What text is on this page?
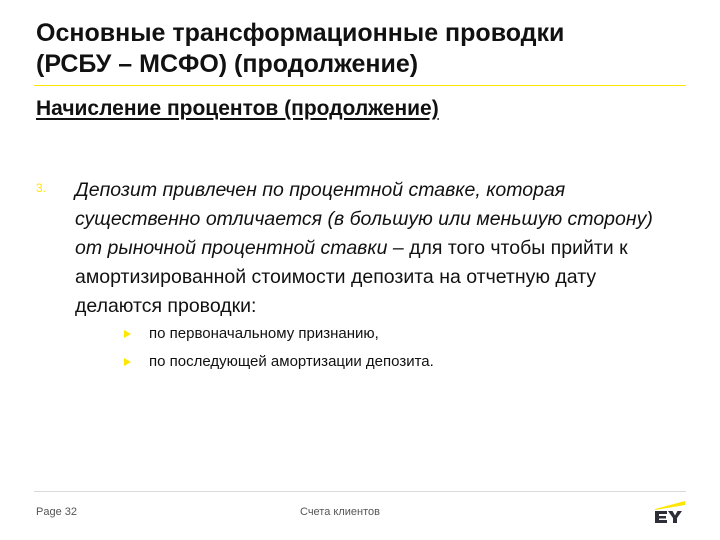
Основные трансформационные проводки
(РСБУ – МСФО) (продолжение)
Начисление процентов (продолжение)
3. Депозит привлечен по процентной ставке, которая существенно отличается (в большую или меньшую сторону) от рыночной процентной ставки – для того чтобы прийти к амортизированной стоимости депозита на отчетную дату делаются проводки:
по первоначальному признанию,
по последующей амортизации депозита.
Page 32	Счета клиентов
